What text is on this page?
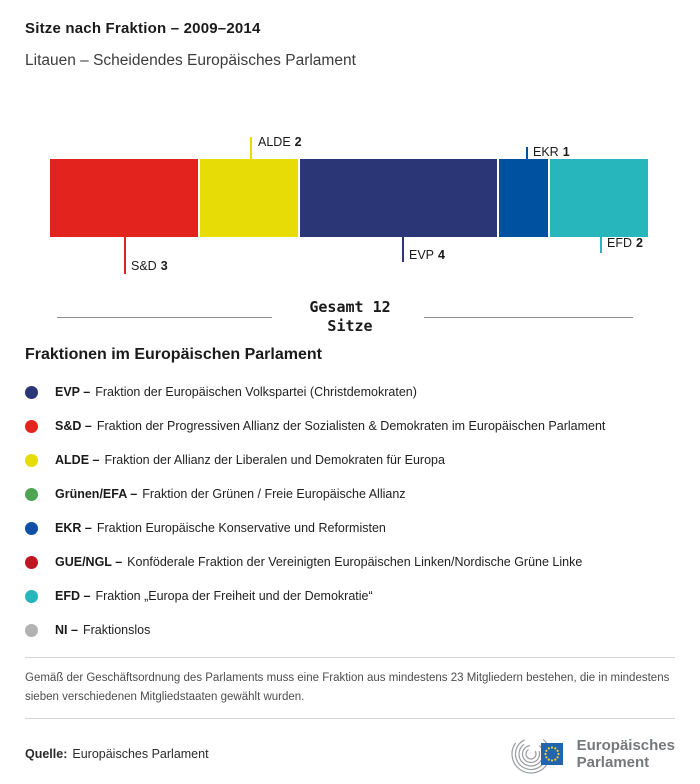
Sitze nach Fraktion – 2009–2014
Litauen – Scheidendes Europäisches Parlament
ALDE 2
EKR 1
S&D 3
EVP 4
EFD 2
Gesamt 12
Sitze
Fraktionen im Europäischen Parlament
EVP – Fraktion der Europäischen Volkspartei (Christdemokraten)
S&D – Fraktion der Progressiven Allianz der Sozialisten & Demokraten im Europäischen Parlament
ALDE – Fraktion der Allianz der Liberalen und Demokraten für Europa
Grünen/EFA – Fraktion der Grünen / Freie Europäische Allianz
EKR – Fraktion Europäische Konservative und Reformisten
GUE/NGL – Konföderale Fraktion der Vereinigten Europäischen Linken/Nordische Grüne Linke
EFD – Fraktion „Europa der Freiheit und der Demokratie“
NI – Fraktionslos
Gemäß der Geschäftsordnung des Parlaments muss eine Fraktion aus mindestens 23 Mitgliedern bestehen, die in mindestens sieben verschiedenen Mitgliedstaaten gewählt wurden.
Quelle: Europäisches Parlament	Europäisches
Parlament
